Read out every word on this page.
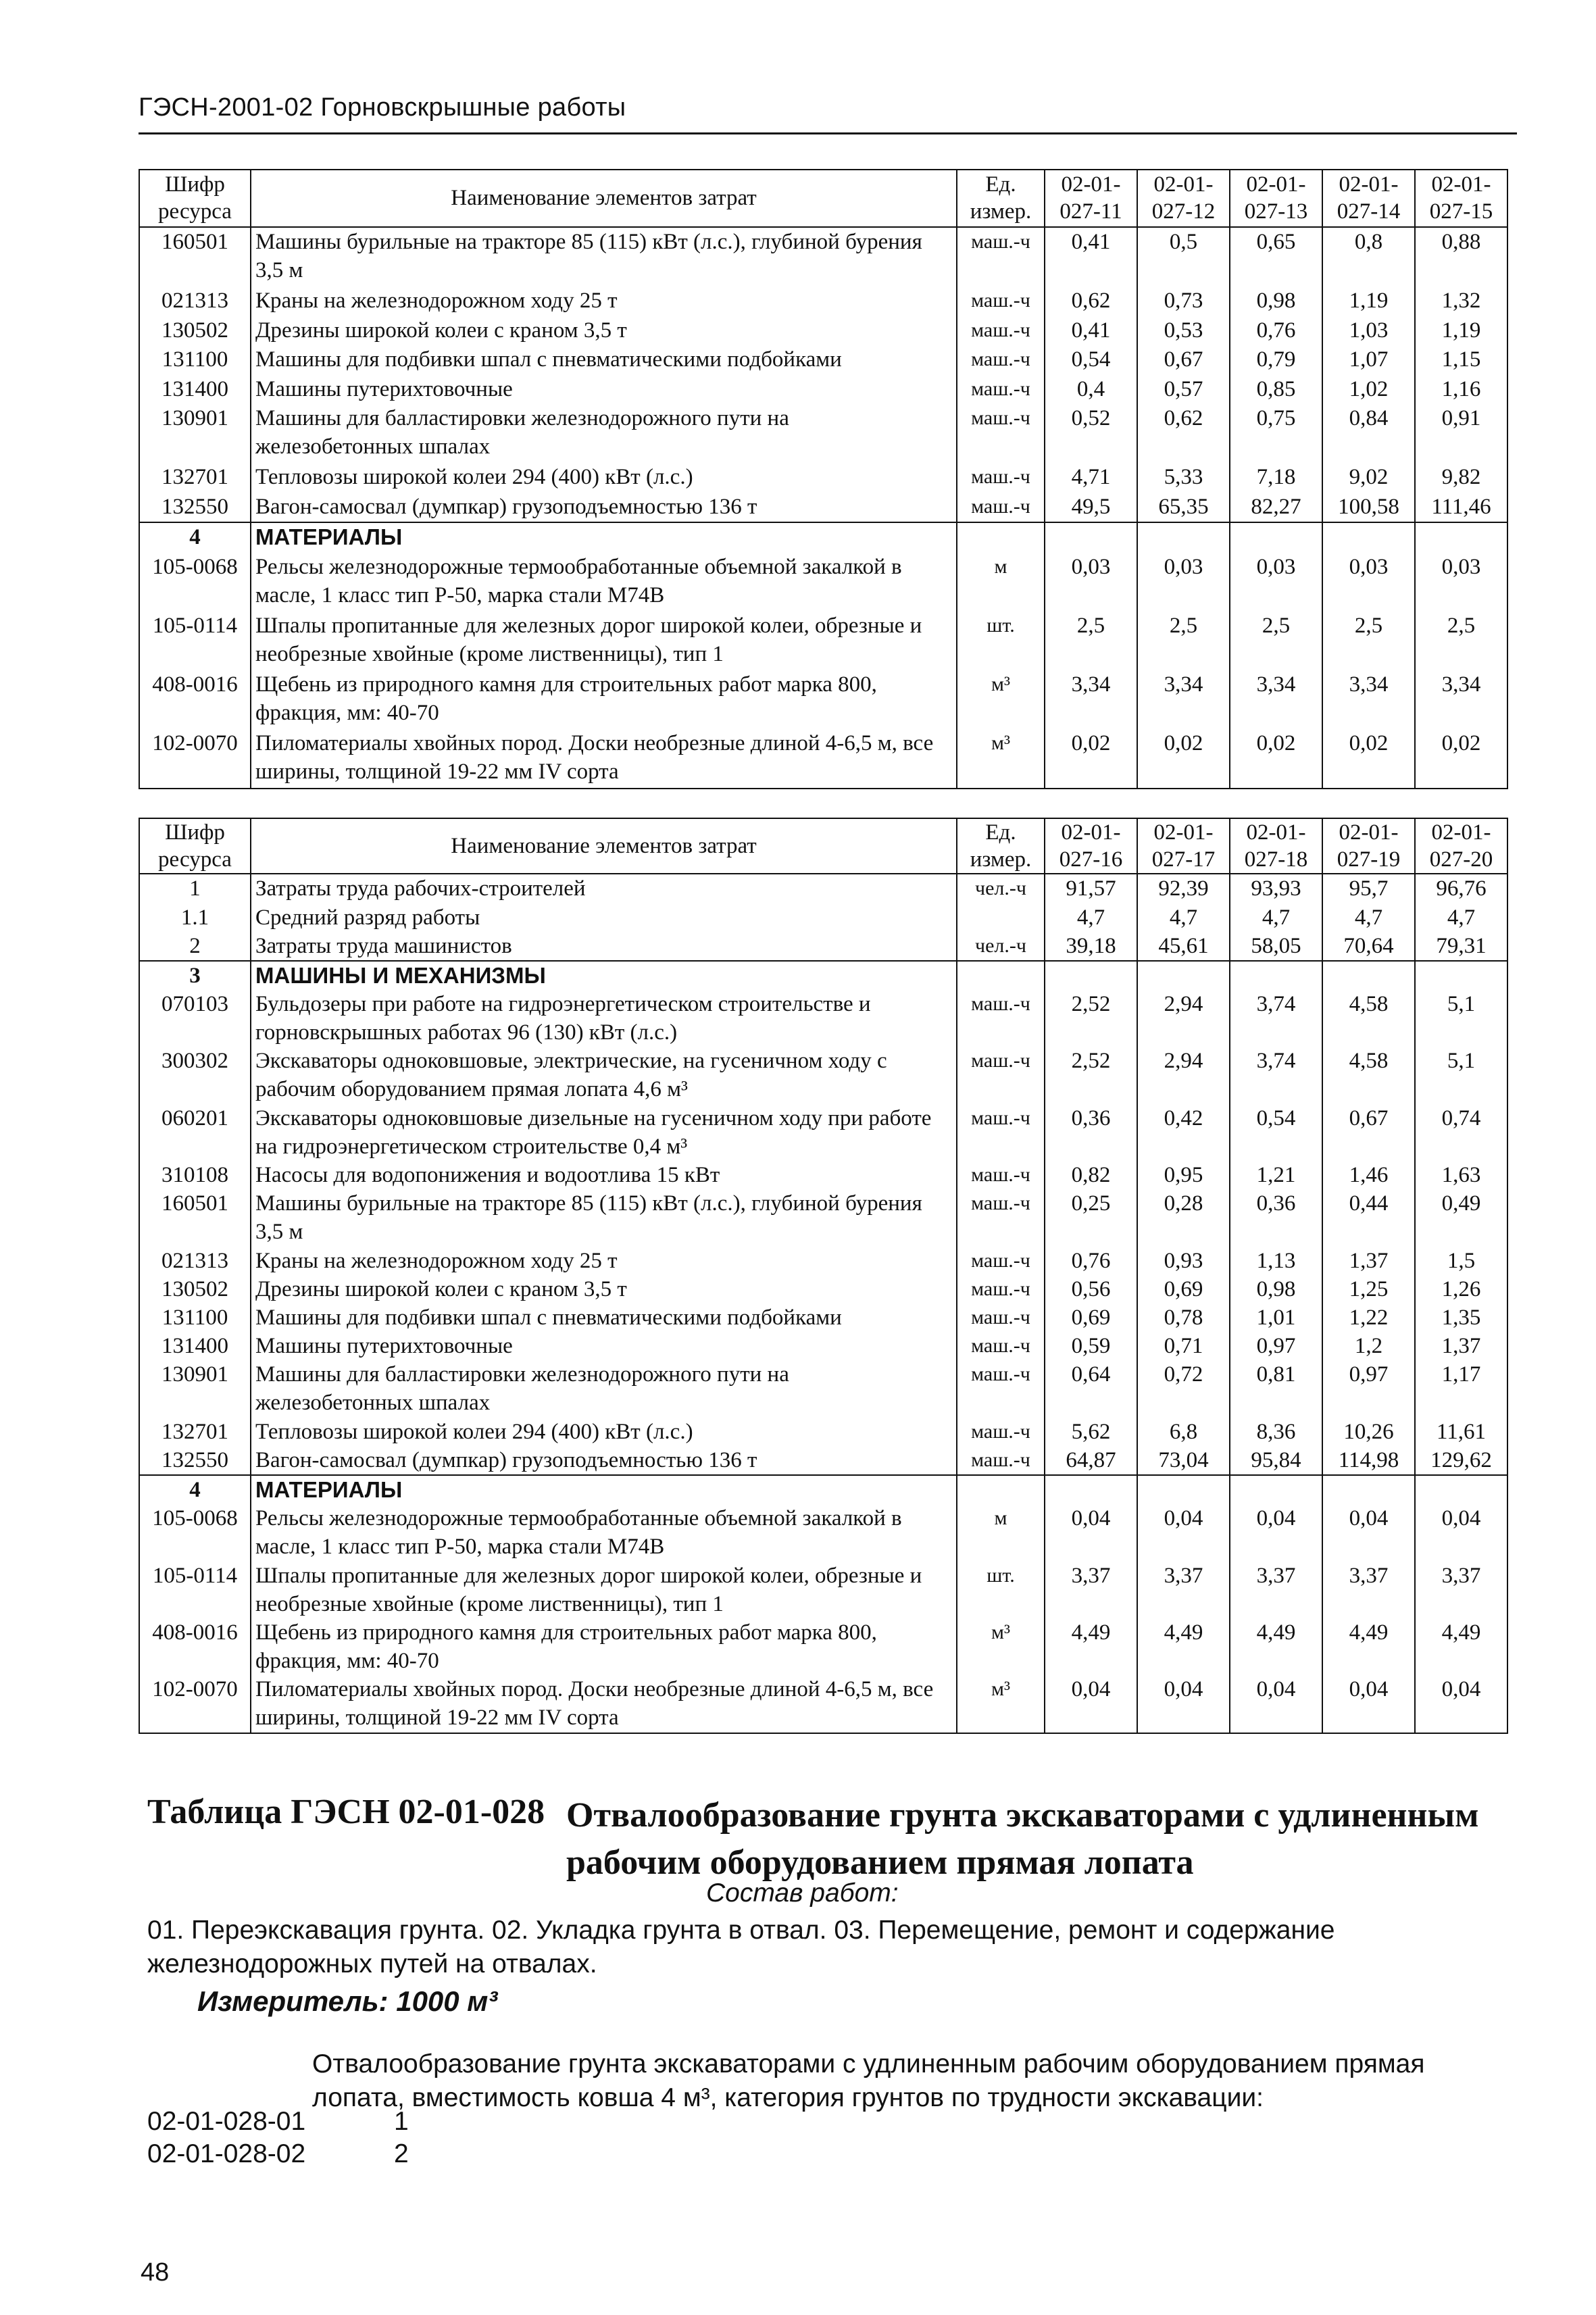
ГЭСН-2001-02 Горновскрышные работы
Шифр ресурса	Наименование элементов затрат	Ед. измер.	02-01-027-11	02-01-027-12	02-01-027-13	02-01-027-14	02-01-027-15
160501	Машины бурильные на тракторе 85 (115) кВт (л.с.), глубиной бурения 3,5 м	маш.-ч	0,41	0,5	0,65	0,8	0,88
021313	Краны на железнодорожном ходу 25 т	маш.-ч	0,62	0,73	0,98	1,19	1,32
130502	Дрезины широкой колеи с краном 3,5 т	маш.-ч	0,41	0,53	0,76	1,03	1,19
131100	Машины для подбивки шпал с пневматическими подбойками	маш.-ч	0,54	0,67	0,79	1,07	1,15
131400	Машины путерихтовочные	маш.-ч	0,4	0,57	0,85	1,02	1,16
130901	Машины для балластировки железнодорожного пути на железобетонных шпалах	маш.-ч	0,52	0,62	0,75	0,84	0,91
132701	Тепловозы широкой колеи 294 (400) кВт (л.с.)	маш.-ч	4,71	5,33	7,18	9,02	9,82
132550	Вагон-самосвал (думпкар) грузоподъемностью 136 т	маш.-ч	49,5	65,35	82,27	100,58	111,46
4	МАТЕРИАЛЫ						
105-0068	Рельсы железнодорожные термообработанные объемной закалкой в масле, 1 класс тип Р-50, марка стали М74В	м	0,03	0,03	0,03	0,03	0,03
105-0114	Шпалы пропитанные для железных дорог широкой колеи, обрезные и необрезные хвойные (кроме лиственницы), тип 1	шт.	2,5	2,5	2,5	2,5	2,5
408-0016	Щебень из природного камня для строительных работ марка 800, фракция, мм: 40-70	м³	3,34	3,34	3,34	3,34	3,34
102-0070	Пиломатериалы хвойных пород. Доски необрезные длиной 4-6,5 м, все ширины, толщиной 19-22 мм IV сорта	м³	0,02	0,02	0,02	0,02	0,02
Шифр ресурса	Наименование элементов затрат	Ед. измер.	02-01-027-16	02-01-027-17	02-01-027-18	02-01-027-19	02-01-027-20
1	Затраты труда рабочих-строителей	чел.-ч	91,57	92,39	93,93	95,7	96,76
1.1	Средний разряд работы		4,7	4,7	4,7	4,7	4,7
2	Затраты труда машинистов	чел.-ч	39,18	45,61	58,05	70,64	79,31
3	МАШИНЫ И МЕХАНИЗМЫ						
070103	Бульдозеры при работе на гидроэнергетическом строительстве и горновскрышных работах 96 (130) кВт (л.с.)	маш.-ч	2,52	2,94	3,74	4,58	5,1
300302	Экскаваторы одноковшовые, электрические, на гусеничном ходу с рабочим оборудованием прямая лопата 4,6 м³	маш.-ч	2,52	2,94	3,74	4,58	5,1
060201	Экскаваторы одноковшовые дизельные на гусеничном ходу при работе на гидроэнергетическом строительстве 0,4 м³	маш.-ч	0,36	0,42	0,54	0,67	0,74
310108	Насосы для водопонижения и водоотлива 15 кВт	маш.-ч	0,82	0,95	1,21	1,46	1,63
160501	Машины бурильные на тракторе 85 (115) кВт (л.с.), глубиной бурения 3,5 м	маш.-ч	0,25	0,28	0,36	0,44	0,49
021313	Краны на железнодорожном ходу 25 т	маш.-ч	0,76	0,93	1,13	1,37	1,5
130502	Дрезины широкой колеи с краном 3,5 т	маш.-ч	0,56	0,69	0,98	1,25	1,26
131100	Машины для подбивки шпал с пневматическими подбойками	маш.-ч	0,69	0,78	1,01	1,22	1,35
131400	Машины путерихтовочные	маш.-ч	0,59	0,71	0,97	1,2	1,37
130901	Машины для балластировки железнодорожного пути на железобетонных шпалах	маш.-ч	0,64	0,72	0,81	0,97	1,17
132701	Тепловозы широкой колеи 294 (400) кВт (л.с.)	маш.-ч	5,62	6,8	8,36	10,26	11,61
132550	Вагон-самосвал (думпкар) грузоподъемностью 136 т	маш.-ч	64,87	73,04	95,84	114,98	129,62
4	МАТЕРИАЛЫ						
105-0068	Рельсы железнодорожные термообработанные объемной закалкой в масле, 1 класс тип Р-50, марка стали М74В	м	0,04	0,04	0,04	0,04	0,04
105-0114	Шпалы пропитанные для железных дорог широкой колеи, обрезные и необрезные хвойные (кроме лиственницы), тип 1	шт.	3,37	3,37	3,37	3,37	3,37
408-0016	Щебень из природного камня для строительных работ марка 800, фракция, мм: 40-70	м³	4,49	4,49	4,49	4,49	4,49
102-0070	Пиломатериалы хвойных пород. Доски необрезные длиной 4-6,5 м, все ширины, толщиной 19-22 мм IV сорта	м³	0,04	0,04	0,04	0,04	0,04
Таблица ГЭСН 02-01-028 Отвалообразование грунта экскаваторами с удлиненным рабочим оборудованием прямая лопата
Состав работ:
01. Переэкскавация грунта. 02. Укладка грунта в отвал. 03. Перемещение, ремонт и содержание железнодорожных путей на отвалах.
Измеритель: 1000 м³
Отвалообразование грунта экскаваторами с удлиненным рабочим оборудованием прямая лопата, вместимость ковша 4 м³, категория грунтов по трудности экскавации:
02-01-028-01	1
02-01-028-02	2
48
